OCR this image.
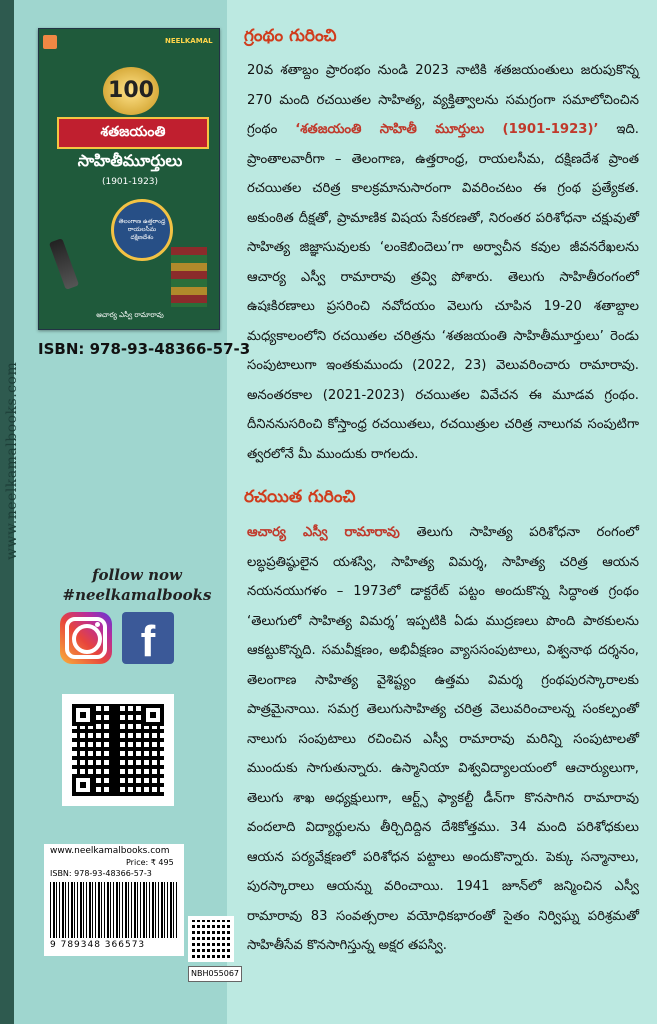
www.neelkamalbooks.com
NEELKAMAL
100
శతజయంతి
సాహితీమూర్తులు
(1901-1923)
తెలంగాణ ఉత్తరాంధ్ర రాయలసీమ దక్షిణదేశం
ఆచార్య ఎస్వీ రామారావు
ISBN: 978-93-48366-57-3
follow now
#neelkamalbooks
f
www.neelkamalbooks.com
Price: ₹ 495
ISBN: 978-93-48366-57-3
9 789348 366573
NBH055067
గ్రంథం గురించి
20వ శతాబ్దం ప్రారంభం నుండి 2023 నాటికి శతజయంతులు జరుపుకొన్న 270 మంది రచయితల సాహిత్య, వ్యక్తిత్వాలను సమగ్రంగా సమాలోచించిన గ్రంథం ‘శతజయంతి సాహితీ మూర్తులు (1901-1923)’ ఇది. ప్రాంతాలవారీగా – తెలంగాణ, ఉత్తరాంధ్ర, రాయలసీమ, దక్షిణదేశ ప్రాంత రచయితల చరిత్ర కాలక్రమానుసారంగా వివరించటం ఈ గ్రంథ ప్రత్యేకత. అకుంఠిత దీక్షతో, ప్రామాణిక విషయ సేకరణతో, నిరంతర పరిశోధనా చక్షువుతో సాహిత్య జిజ్ఞాసువులకు ‘లంకెబిందెలు’గా అర్వాచీన కవుల జీవనరేఖలను ఆచార్య ఎస్వీ రామారావు త్రవ్వి పోశారు. తెలుగు సాహితీరంగంలో ఉషఃకిరణాలు ప్రసరించి నవోదయం వెలుగు చూపిన 19-20 శతాబ్దాల మధ్యకాలంలోని రచయితల చరిత్రను ‘శతజయంతి సాహితీమూర్తులు’ రెండు సంపుటాలుగా ఇంతకుముందు (2022, 23) వెలువరించారు రామారావు. అనంతరకాల (2021-2023) రచయితల వివేచన ఈ మూడవ గ్రంథం. దీనిననుసరించి కోస్తాంధ్ర రచయితలు, రచయిత్రుల చరిత్ర నాలుగవ సంపుటిగా త్వరలోనే మీ ముందుకు రాగలదు.
రచయిత గురించి
ఆచార్య ఎస్వీ రామారావు తెలుగు సాహిత్య పరిశోధనా రంగంలో లబ్ధప్రతిష్ఠులైన యశస్వి, సాహిత్య విమర్శ, సాహిత్య చరిత్ర ఆయన నయనయుగళం – 1973లో డాక్టరేట్ పట్టం అందుకొన్న సిద్ధాంత గ్రంథం ‘తెలుగులో సాహిత్య విమర్శ’ ఇప్పటికి ఏడు ముద్రణలు పొంది పాఠకులను ఆకట్టుకొన్నది. సమవీక్షణం, అభివీక్షణం వ్యాససంపుటాలు, విశ్వనాథ దర్శనం, తెలంగాణ సాహిత్య వైశిష్ట్యం ఉత్తమ విమర్శ గ్రంథపురస్కారాలకు పాత్రమైనాయి. సమగ్ర తెలుగుసాహిత్య చరిత్ర వెలువరించాలన్న సంకల్పంతో నాలుగు సంపుటాలు రచించిన ఎస్వీ రామారావు మరిన్ని సంపుటాలతో ముందుకు సాగుతున్నారు. ఉస్మానియా విశ్వవిద్యాలయంలో ఆచార్యులుగా, తెలుగు శాఖ అధ్యక్షులుగా, ఆర్ట్స్ ఫ్యాకల్టీ డీన్‌గా కొనసాగిన రామారావు వందలాది విద్యార్థులను తీర్చిదిద్దిన దేశికోత్తము. 34 మంది పరిశోధకులు ఆయన పర్యవేక్షణలో పరిశోధన పట్టాలు అందుకొన్నారు. పెక్కు సన్మానాలు, పురస్కారాలు ఆయన్ను వరించాయి. 1941 జూన్‌లో జన్మించిన ఎస్వీ రామారావు 83 సంవత్సరాల వయోధికభారంతో సైతం నిర్విఘ్న పరిశ్రమతో సాహితీసేవ కొనసాగిస్తున్న అక్షర తపస్వి.
